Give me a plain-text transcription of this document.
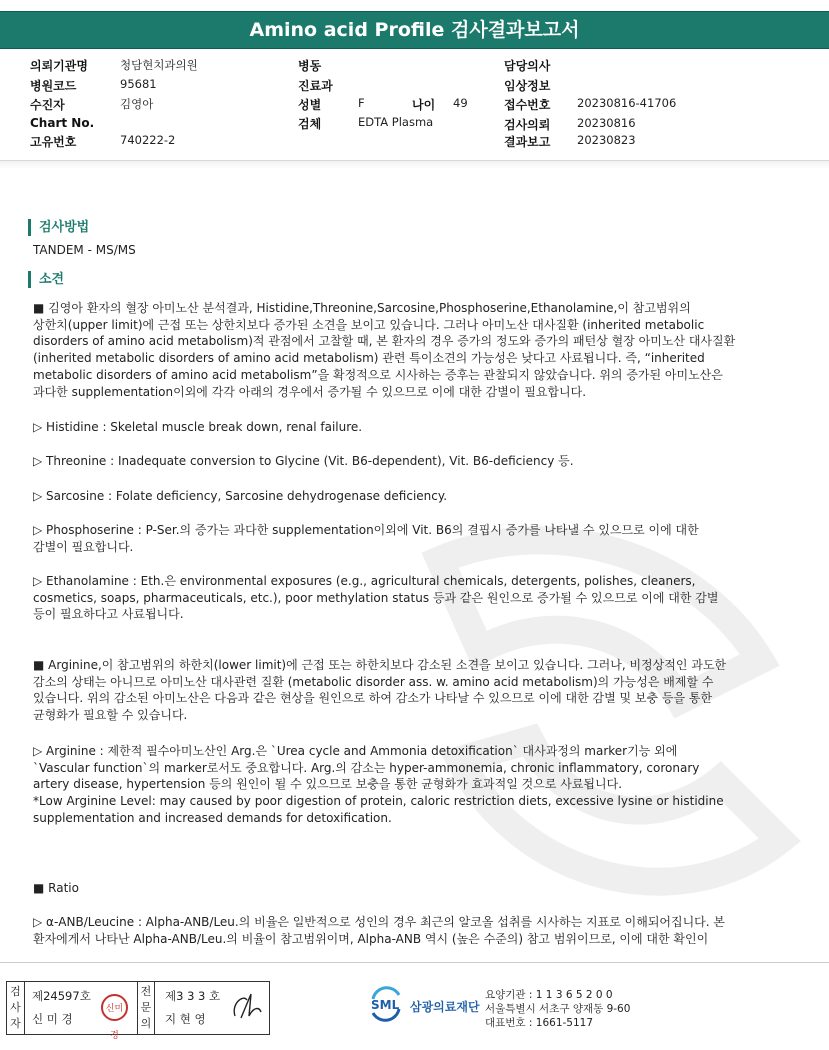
Amino acid Profile 검사결과보고서
의뢰기관명	청담현치과의원
병원코드	95681
수진자	김영아
Chart No.
고유번호	740222-2
병동
진료과
성별	F	나이 49
검체	EDTA Plasma
담당의사
임상정보
접수번호 20230816-41706
검사의뢰 20230816
결과보고 20230823
검사방법
TANDEM - MS/MS
소견
■ 김영아 환자의 혈장 아미노산 분석결과, Histidine,Threonine,Sarcosine,Phosphoserine,Ethanolamine,이 참고범위의
상한치(upper limit)에 근접 또는 상한치보다 증가된 소견을 보이고 있습니다. 그러나 아미노산 대사질환 (inherited metabolic
disorders of amino acid metabolism)적 관점에서 고찰할 때, 본 환자의 경우 증가의 정도와 증가의 패턴상 혈장 아미노산 대사질환
(inherited metabolic disorders of amino acid metabolism) 관련 특이소견의 가능성은 낮다고 사료됩니다. 즉, “inherited
metabolic disorders of amino acid metabolism”을 확정적으로 시사하는 증후는 관찰되지 않았습니다. 위의 증가된 아미노산은
과다한 supplementation이외에 각각 아래의 경우에서 증가될 수 있으므로 이에 대한 감별이 필요합니다.
▷ Histidine : Skeletal muscle break down, renal failure.
▷ Threonine : Inadequate conversion to Glycine (Vit. B6-dependent), Vit. B6-deficiency 등.
▷ Sarcosine : Folate deficiency, Sarcosine dehydrogenase deficiency.
▷ Phosphoserine : P-Ser.의 증가는 과다한 supplementation이외에 Vit. B6의 결핍시 증가를 나타낼 수 있으므로 이에 대한
감별이 필요합니다.
▷ Ethanolamine : Eth.은 environmental exposures (e.g., agricultural chemicals, detergents, polishes, cleaners,
cosmetics, soaps, pharmaceuticals, etc.), poor methylation status 등과 같은 원인으로 증가될 수 있으므로 이에 대한 감별
등이 필요하다고 사료됩니다.
■ Arginine,이 참고범위의 하한치(lower limit)에 근접 또는 하한치보다 감소된 소견을 보이고 있습니다. 그러나, 비정상적인 과도한
감소의 상태는 아니므로 아미노산 대사관련 질환 (metabolic disorder ass. w. amino acid metabolism)의 가능성은 배제할 수
있습니다. 위의 감소된 아미노산은 다음과 같은 현상을 원인으로 하여 감소가 나타날 수 있으므로 이에 대한 감별 및 보충 등을 통한
균형화가 필요할 수 있습니다.
▷ Arginine : 제한적 필수아미노산인 Arg.은 `Urea cycle and Ammonia detoxification` 대사과정의 marker기능 외에
`Vascular function`의 marker로서도 중요합니다. Arg.의 감소는 hyper-ammonemia, chronic inflammatory, coronary
artery disease, hypertension 등의 원인이 될 수 있으므로 보충을 통한 균형화가 효과적일 것으로 사료됩니다.
*Low Arginine Level: may caused by poor digestion of protein, caloric restriction diets, excessive lysine or histidine
supplementation and increased demands for detoxification.
■ Ratio
▷ α-ANB/Leucine : Alpha-ANB/Leu.의 비율은 일반적으로 성인의 경우 최근의 알코올 섭취를 시사하는 지표로 이해되어집니다. 본
환자에게서 나타난 Alpha-ANB/Leu.의 비율이 참고범위이며, Alpha-ANB 역시 (높은 수준의) 참고 범위이므로, 이에 대한 확인이
검사자
제24597호
신 미 경
신미경
전문의
제3 3 3 호
지 현 영
SML 삼광의료재단
요양기관 : 1 1 3 6 5 2 0 0
서울특별시 서초구 양재동 9-60
대표번호 : 1661-5117
